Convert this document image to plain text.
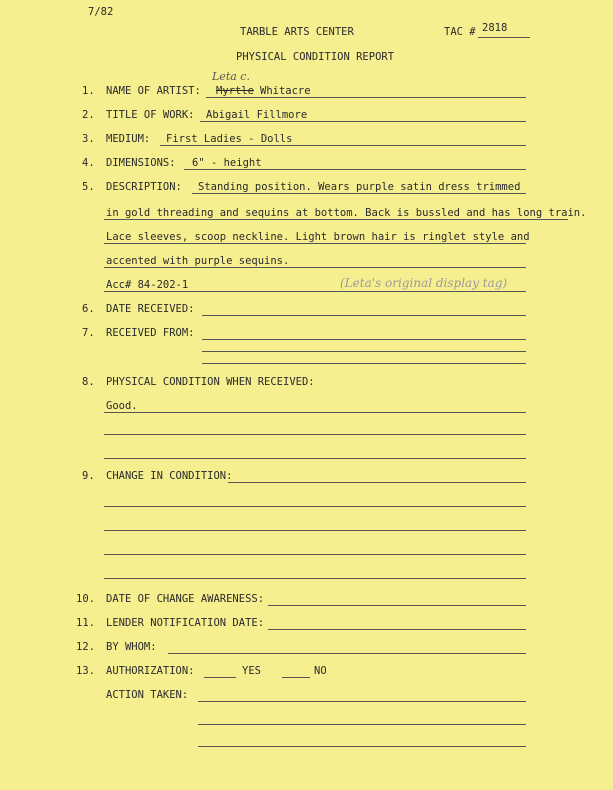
7/82
TARBLE ARTS CENTER	TAC # 2818
PHYSICAL CONDITION REPORT
1. NAME OF ARTIST:
Leta c.
Myrtle Whitacre
2. TITLE OF WORK: Abigail Fillmore
3. MEDIUM: First Ladies - Dolls
4. DIMENSIONS: 6" - height
5. DESCRIPTION: Standing position. Wears purple satin dress trimmed
in gold threading and sequins at bottom. Back is bussled and has long train.
Lace sleeves, scoop neckline. Light brown hair is ringlet style and
accented with purple sequins.
Acc# 84-202-1	(Leta's original display tag)
6. DATE RECEIVED:
7. RECEIVED FROM:
8. PHYSICAL CONDITION WHEN RECEIVED:
Good.
9. CHANGE IN CONDITION:
10. DATE OF CHANGE AWARENESS:
11. LENDER NOTIFICATION DATE:
12. BY WHOM:
13. AUTHORIZATION:	YES	NO
ACTION TAKEN:
